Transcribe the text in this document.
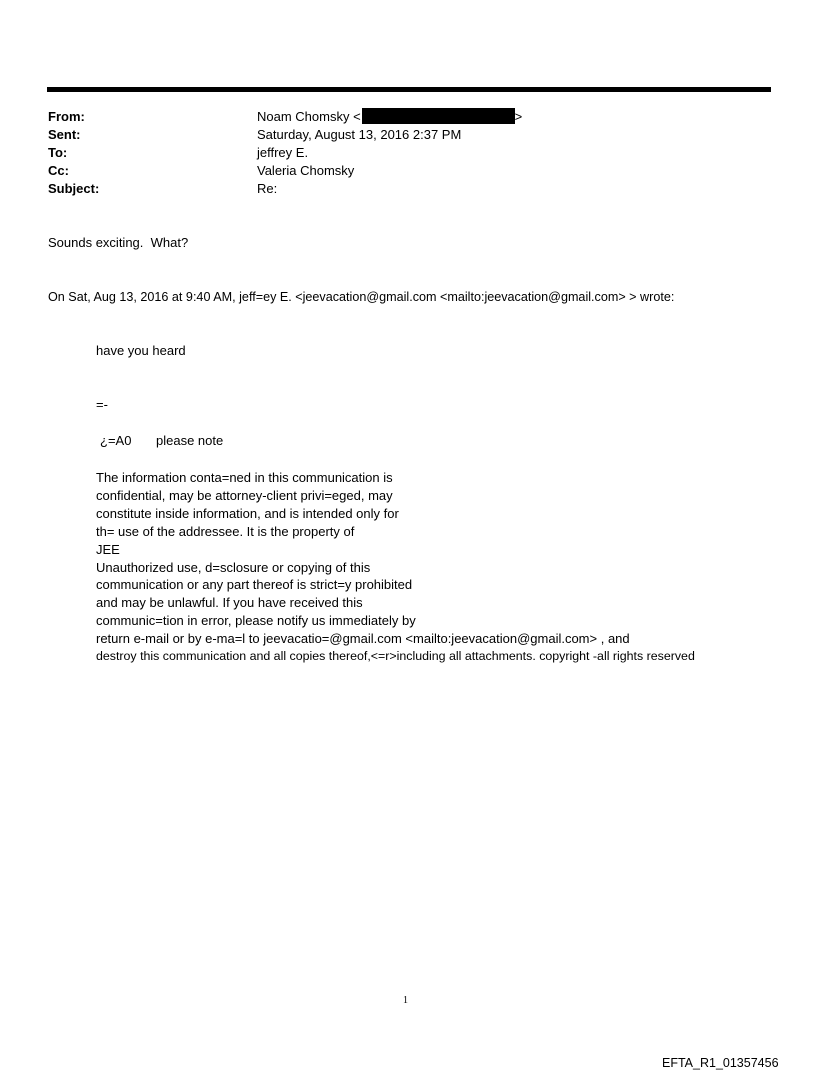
From:	Noam Chomsky <	>
Sent:	Saturday, August 13, 2016 2:37 PM
To:	jeffrey E.
Cc:	Valeria Chomsky
Subject:	Re:
Sounds exciting.  What?
On Sat, Aug 13, 2016 at 9:40 AM, jeff=ey E. <jeevacation@gmail.com <mailto:jeevacation@gmail.com> > wrote:
have you heard
=-
¿=A0 please note
The information conta=ned in this communication is
confidential, may be attorney-client privi=eged, may
constitute inside information, and is intended only for
th= use of the addressee. It is the property of
JEE
Unauthorized use, d=sclosure or copying of this
communication or any part thereof is strict=y prohibited
and may be unlawful. If you have received this
communic=tion in error, please notify us immediately by
return e-mail or by e-ma=l to jeevacatio=@gmail.com <mailto:jeevacation@gmail.com> , and
destroy this communication and all copies thereof,<=r>including all attachments. copyright -all rights reserved
1
EFTA_R1_01357456
